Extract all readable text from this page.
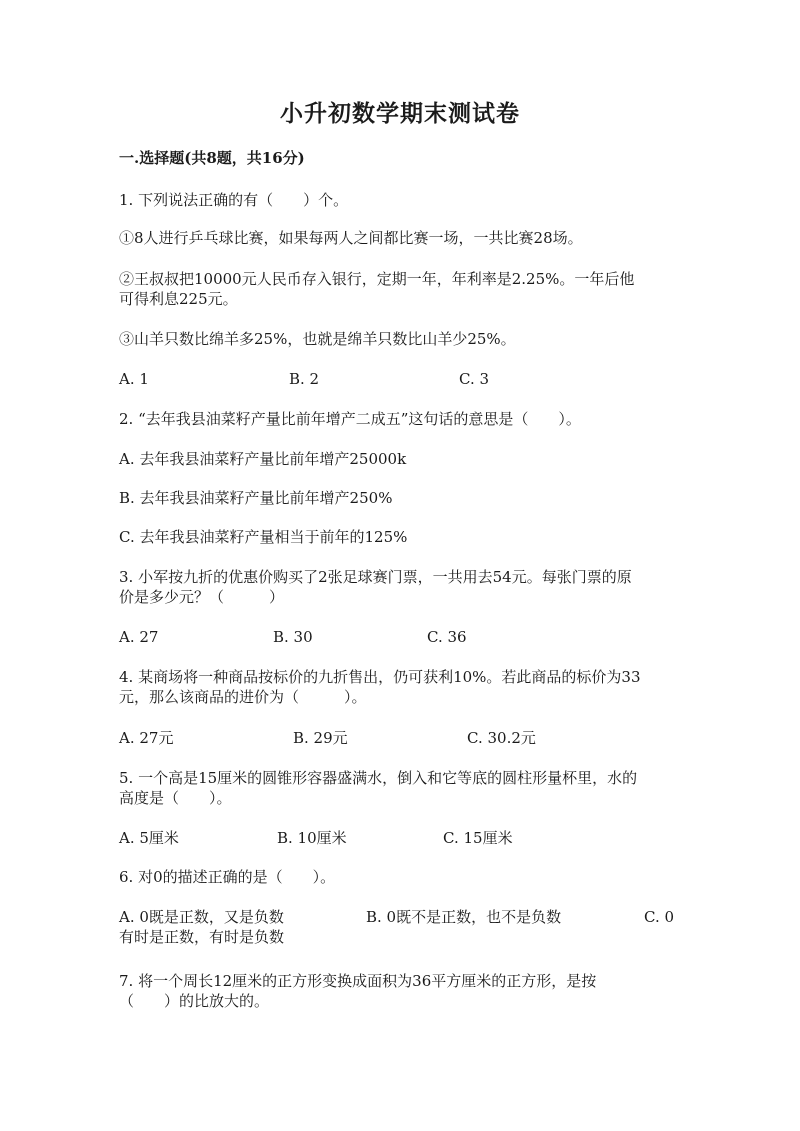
小升初数学期末测试卷
一.选择题(共8题，共16分)
1. 下列说法正确的有（　　）个。
①8人进行乒乓球比赛，如果每两人之间都比赛一场，一共比赛28场。
②王叔叔把10000元人民币存入银行，定期一年，年利率是2.25%。一年后他
可得利息225元。
③山羊只数比绵羊多25%，也就是绵羊只数比山羊少25%。
A. 1	B. 2	C. 3
2. “去年我县油菜籽产量比前年增产二成五”这句话的意思是（　　）。
A. 去年我县油菜籽产量比前年增产25000k
B. 去年我县油菜籽产量比前年增产250%
C. 去年我县油菜籽产量相当于前年的125%
3. 小军按九折的优惠价购买了2张足球赛门票，一共用去54元。每张门票的原
价是多少元？（　　　）
A. 27	B. 30	C. 36
4. 某商场将一种商品按标价的九折售出，仍可获利10%。若此商品的标价为33
元，那么该商品的进价为（　　　）。
A. 27元	B. 29元	C. 30.2元
5. 一个高是15厘米的圆锥形容器盛满水，倒入和它等底的圆柱形量杯里，水的
高度是（　　）。
A. 5厘米	B. 10厘米	C. 15厘米
6. 对0的描述正确的是（　　）。
A. 0既是正数，又是负数	B. 0既不是正数，也不是负数	C. 0
有时是正数，有时是负数
7. 将一个周长12厘米的正方形变换成面积为36平方厘米的正方形，是按
（　　）的比放大的。
